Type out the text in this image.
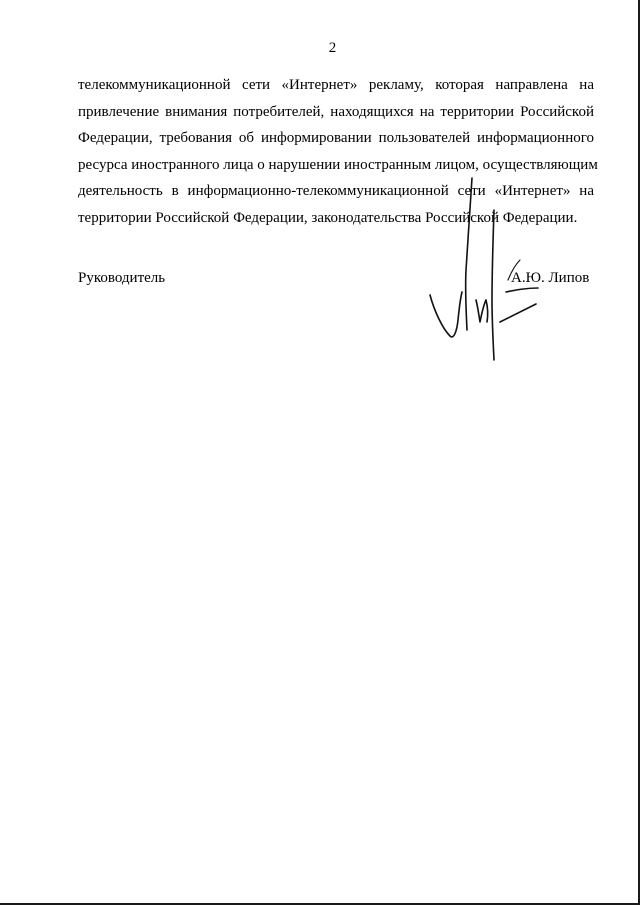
2

телекоммуникационной сети «Интернет» рекламу, которая направлена на
привлечение внимания потребителей, находящихся на территории Российской
Федерации, требования об информировании пользователей информационного
ресурса иностранного лица о нарушении иностранным лицом, осуществляющим
деятельность в информационно-телекоммуникационной сети «Интернет» на
территории Российской Федерации, законодательства Российской Федерации.

Руководитель	А.Ю. Липов
